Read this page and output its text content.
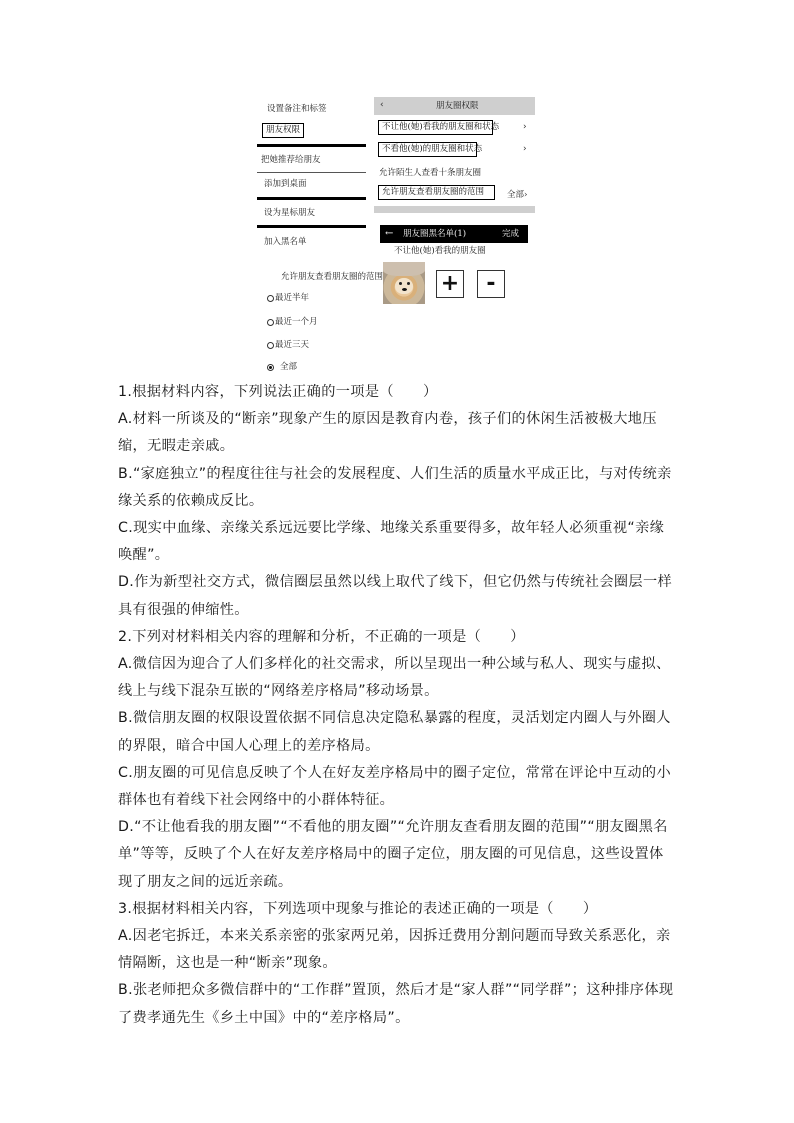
设置备注和标签
朋友权限
把她推荐给朋友
添加到桌面
设为星标朋友
加入黑名单
‹	朋友圈权限
不让他(她)看我的朋友圈和状态	›
不看他(她)的朋友圈和状态	›
允许陌生人查看十条朋友圈
允许朋友查看朋友圈的范围	全部›
← 朋友圈黑名单(1)	完成
不让他(她)看我的朋友圈
+	-
允许朋友查看朋友圈的范围
最近半年
最近一个月
最近三天
全部

1.根据材料内容，下列说法正确的一项是（　　）

A.材料一所谈及的“断亲”现象产生的原因是教育内卷，孩子们的休闲生活被极大地压缩，无暇走亲戚。

B.“家庭独立”的程度往往与社会的发展程度、人们生活的质量水平成正比，与对传统亲缘关系的依赖成反比。

C.现实中血缘、亲缘关系远远要比学缘、地缘关系重要得多，故年轻人必须重视“亲缘唤醒”。

D.作为新型社交方式，微信圈层虽然以线上取代了线下，但它仍然与传统社会圈层一样具有很强的伸缩性。

2.下列对材料相关内容的理解和分析，不正确的一项是（　　）

A.微信因为迎合了人们多样化的社交需求，所以呈现出一种公域与私人、现实与虚拟、线上与线下混杂互嵌的“网络差序格局”移动场景。

B.微信朋友圈的权限设置依据不同信息决定隐私暴露的程度，灵活划定内圈人与外圈人的界限，暗合中国人心理上的差序格局。

C.朋友圈的可见信息反映了个人在好友差序格局中的圈子定位，常常在评论中互动的小群体也有着线下社会网络中的小群体特征。

D.“不让他看我的朋友圈”“不看他的朋友圈”“允许朋友查看朋友圈的范围”“朋友圈黑名单”等等，反映了个人在好友差序格局中的圈子定位，朋友圈的可见信息，这些设置体现了朋友之间的远近亲疏。

3.根据材料相关内容，下列选项中现象与推论的表述正确的一项是（　　）

A.因老宅拆迁，本来关系亲密的张家两兄弟，因拆迁费用分割问题而导致关系恶化，亲情隔断，这也是一种“断亲”现象。

B.张老师把众多微信群中的“工作群”置顶，然后才是“家人群”“同学群”；这种排序体现了费孝通先生《乡土中国》中的“差序格局”。
